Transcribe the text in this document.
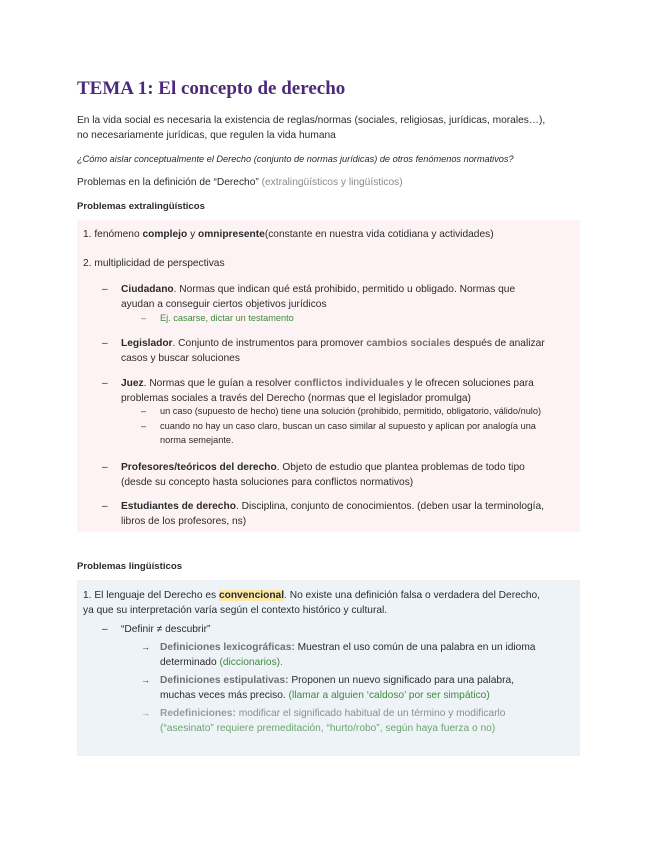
TEMA 1: El concepto de derecho

En la vida social es necesaria la existencia de reglas/normas (sociales, religiosas, jurídicas, morales…),

no necesariamente jurídicas, que regulen la vida humana

¿Cómo aislar conceptualmente el Derecho (conjunto de normas jurídicas) de otros fenómenos normativos?
Problemas en la definición de “Derecho” (extralingüísticos y lingüísticos)
Problemas extralingüísticos
1. fenómeno complejo y omnipresente(constante en nuestra vida cotidiana y actividades)
2. multiplicidad de perspectivas
– Ciudadano. Normas que indican qué está prohibido, permitido u obligado. Normas que
ayudan a conseguir ciertos objetivos jurídicos
– Ej. casarse, dictar un testamento
– Legislador. Conjunto de instrumentos para promover cambios sociales después de analizar
casos y buscar soluciones
– Juez. Normas que le guían a resolver conflictos individuales y le ofrecen soluciones para
problemas sociales a través del Derecho (normas que el legislador promulga)
– un caso (supuesto de hecho) tiene una solución (prohibido, permitido, obligatorio, válido/nulo)
– cuando no hay un caso claro, buscan un caso similar al supuesto y aplican por analogía una
norma semejante.
– Profesores/teóricos del derecho. Objeto de estudio que plantea problemas de todo tipo
(desde su concepto hasta soluciones para conflictos normativos)
– Estudiantes de derecho. Disciplina, conjunto de conocimientos. (deben usar la terminología,
libros de los profesores, ns)
Problemas lingüísticos
1. El lenguaje del Derecho es convencional. No existe una definición falsa o verdadera del Derecho,
ya que su interpretación varía según el contexto histórico y cultural.
– “Definir ≠ descubrir”
→ Definiciones lexicográficas: Muestran el uso común de una palabra en un idioma
determinado (diccionarios).
→ Definiciones estipulativas: Proponen un nuevo significado para una palabra,
muchas veces más preciso. (llamar a alguien ‘caldoso’ por ser simpático)
→ Redefiniciones: modificar el significado habitual de un término y modificarlo
(“asesinato” requiere premeditación, “hurto/robo”, según haya fuerza o no)
